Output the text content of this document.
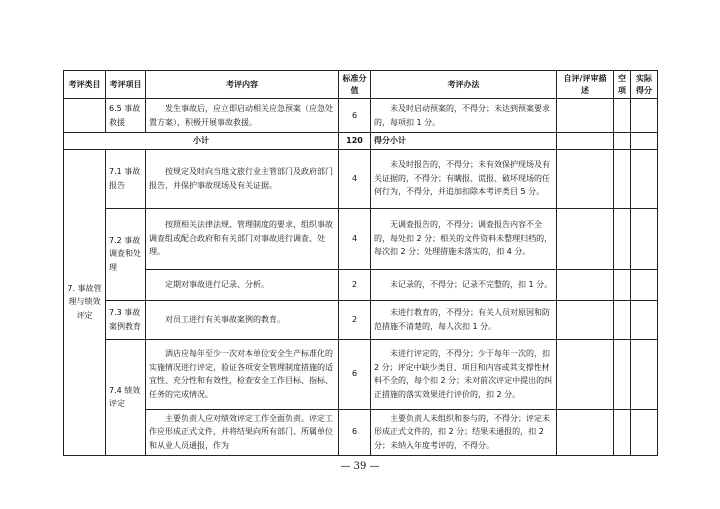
考评类目	考评项目	考评内容	标准分值	考评办法	自评/评审描述	空项	实际得分
	6.5 事故救援	发生事故后，应立即启动相关应急预案（应急处置方案），积极开展事故救援。	6	未及时启动预案的，不得分；未达到预案要求的，每项扣 1 分。			
小计			120	得分小计			
7. 事故管理与绩效评定	7.1 事故报告	按规定及时向当地文旅行业主管部门及政府部门报告，并保护事故现场及有关证据。	4	未及时报告的，不得分；未有效保护现场及有关证据的，不得分；有瞒报、谎报、破坏现场的任何行为，不得分，并追加扣除本考评类目 5 分。			
	7.2 事故调查和处理	按照相关法律法规、管理制度的要求，组织事故调查组或配合政府和有关部门对事故进行调查、处理。	4	无调查报告的，不得分；调查报告内容不全的，每处扣 2 分；相关的文件资料未整理归档的，每次扣 2 分；处理措施未落实的，扣 4 分。			
		定期对事故进行记录、分析。	2	未记录的，不得分；记录不完整的，扣 1 分。			
	7.3 事故案例教育	对员工进行有关事故案例的教育。	2	未进行教育的，不得分；有关人员对原因和防范措施不清楚的，每人次扣 1 分。			
	7.4 绩效评定	酒店应每年至少一次对本单位安全生产标准化的实施情况进行评定，验证各项安全管理制度措施的适宜性、充分性和有效性，检查安全工作目标、指标、任务的完成情况。	6	未进行评定的，不得分；少于每年一次的，扣 2 分；评定中缺少类目、项目和内容或其支撑性材料不全的，每个扣 2 分；未对前次评定中提出的纠正措施的落实效果进行评价的，扣 2 分。			
		主要负责人应对绩效评定工作全面负责。评定工作应形成正式文件，并将结果向所有部门、所属单位和从业人员通报，作为	6	主要负责人未组织和参与的，不得分；评定未形成正式文件的，扣 2 分；结果未通报的，扣 2 分；未纳入年度考评的，不得分。			
— 39 —
